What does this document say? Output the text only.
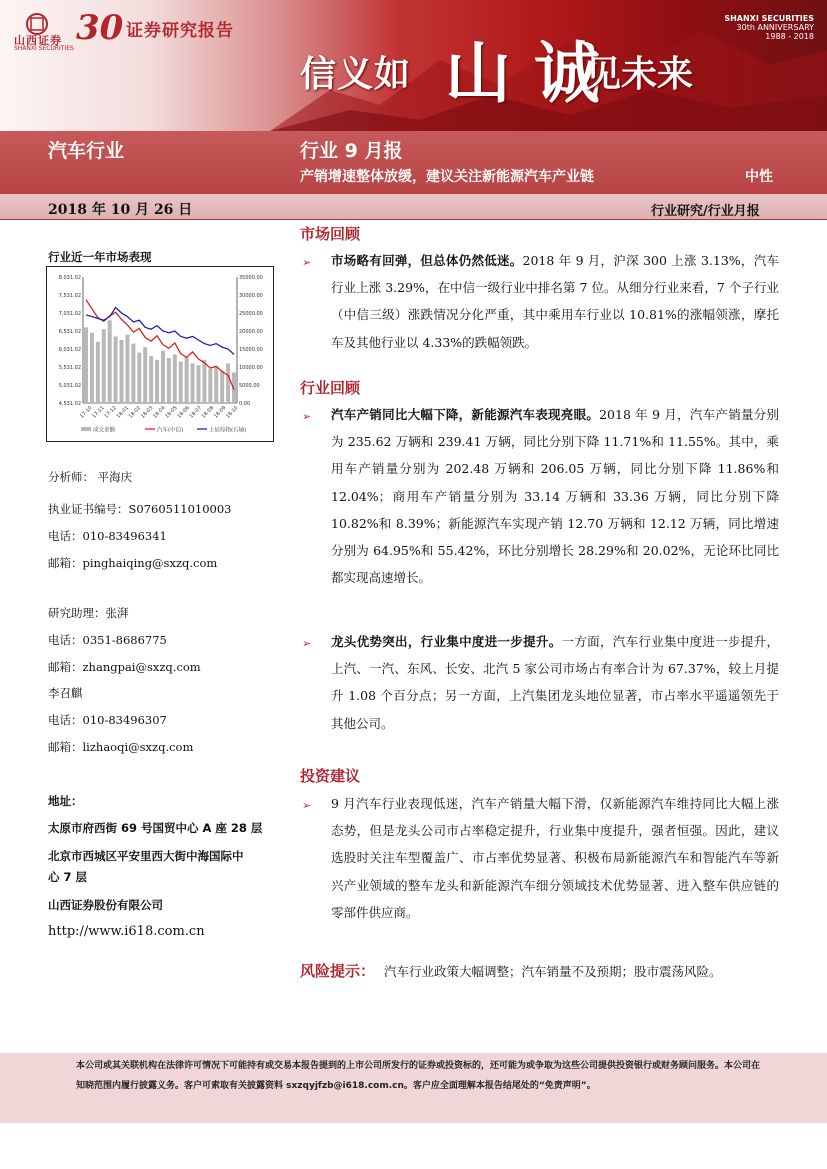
山西证券
SHANXI SECURITIES
30 证券研究报告
信义如 山 诚
见未来
SHANXI SECURITIES
30th ANNIVERSARY
1988 - 2018
汽车行业	行业 9 月报
产销增速整体放缓，建议关注新能源汽车产业链	中性
2018 年 10 月 26 日	行业研究/行业月报
行业近一年市场表现
8,031.02
7,531.02
7,031.02
6,531.02
6,031.02
5,531.02
5,031.02
4,531.02
35000.00
30000.00
25000.00
20000.00
15000.00
10000.00
5000.00
0.00
17-10
17-11
17-12
18-01
18-02
18-03
18-04
18-05
18-06
18-07
18-08
18-09
18-10
成交金额	汽车(中信)	上证综指(右轴)
分析师： 平海庆
执业证书编号：S0760511010003
电话：010-83496341
邮箱：pinghaiqing@sxzq.com
研究助理：张湃
电话：0351-8686775
邮箱：zhangpai@sxzq.com
李召麒
电话：010-83496307
邮箱：lizhaoqi@sxzq.com
地址：
太原市府西街 69 号国贸中心 A 座 28 层
北京市西城区平安里西大街中海国际中
心 7 层
山西证券股份有限公司
http://www.i618.com.cn
市场回顾
➢ 市场略有回弹，但总体仍然低迷。2018 年 9 月，沪深 300 上涨 3.13%，汽车行业上涨 3.29%，在中信一级行业中排名第 7 位。从细分行业来看，7 个子行业（中信三级）涨跌情况分化严重，其中乘用车行业以 10.81%的涨幅领涨，摩托车及其他行业以 4.33%的跌幅领跌。
行业回顾
➢ 汽车产销同比大幅下降，新能源汽车表现亮眼。2018 年 9 月，汽车产销量分别为 235.62 万辆和 239.41 万辆，同比分别下降 11.71%和 11.55%。其中，乘用车产销量分别为 202.48 万辆和 206.05 万辆，同比分别下降 11.86%和 12.04%；商用车产销量分别为 33.14 万辆和 33.36 万辆，同比分别下降 10.82%和 8.39%；新能源汽车实现产销 12.70 万辆和 12.12 万辆，同比增速分别为 64.95%和 55.42%，环比分别增长 28.29%和 20.02%，无论环比同比都实现高速增长。
➢ 龙头优势突出，行业集中度进一步提升。一方面，汽车行业集中度进一步提升，上汽、一汽、东风、长安、北汽 5 家公司市场占有率合计为 67.37%，较上月提升 1.08 个百分点；另一方面，上汽集团龙头地位显著，市占率水平遥遥领先于其他公司。
投资建议
➢ 9 月汽车行业表现低迷，汽车产销量大幅下滑，仅新能源汽车维持同比大幅上涨态势，但是龙头公司市占率稳定提升，行业集中度提升，强者恒强。因此，建议选股时关注车型覆盖广、市占率优势显著、积极布局新能源汽车和智能汽车等新兴产业领域的整车龙头和新能源汽车细分领域技术优势显著、进入整车供应链的零部件供应商。
风险提示： 汽车行业政策大幅调整；汽车销量不及预期；股市震荡风险。
本公司或其关联机构在法律许可情况下可能持有或交易本报告提到的上市公司所发行的证券或投资标的，还可能为或争取为这些公司提供投资银行或财务顾问服务。本公司在知晓范围内履行披露义务。客户可索取有关披露资料 sxzqyjfzb@i618.com.cn。客户应全面理解本报告结尾处的“免责声明”。
